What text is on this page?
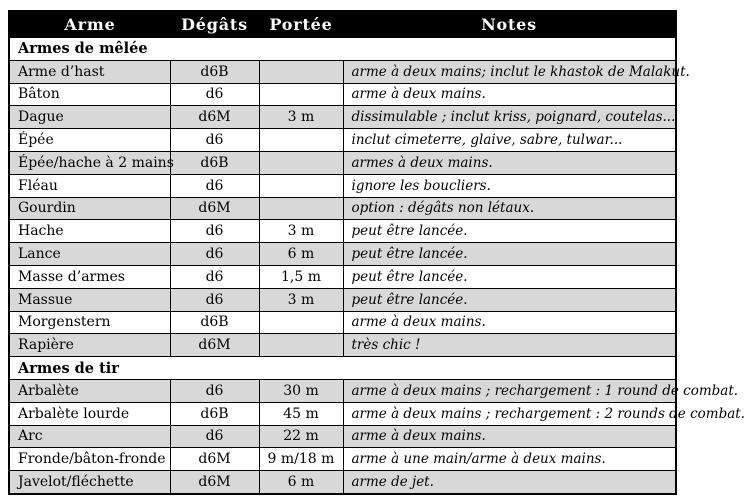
Arme	Dégâts	Portée	Notes
Armes de mêlée			
Arme d’hast	d6B		arme à deux mains; inclut le khastok de Malakut.
Bâton	d6		arme à deux mains.
Dague	d6M	3 m	dissimulable ; inclut kriss, poignard, coutelas...
Épée	d6		inclut cimeterre, glaive, sabre, tulwar...
Épée/hache à 2 mains	d6B		armes à deux mains.
Fléau	d6		ignore les boucliers.
Gourdin	d6M		option : dégâts non létaux.
Hache	d6	3 m	peut être lancée.
Lance	d6	6 m	peut être lancée.
Masse d’armes	d6	1,5 m	peut être lancée.
Massue	d6	3 m	peut être lancée.
Morgenstern	d6B		arme à deux mains.
Rapière	d6M		très chic !
Armes de tir			
Arbalète	d6	30 m	arme à deux mains ; rechargement : 1 round de combat.
Arbalète lourde	d6B	45 m	arme à deux mains ; rechargement : 2 rounds de combat.
Arc	d6	22 m	arme à deux mains.
Fronde/bâton-fronde	d6M	9 m/18 m	arme à une main/arme à deux mains.
Javelot/fléchette	d6M	6 m	arme de jet.
